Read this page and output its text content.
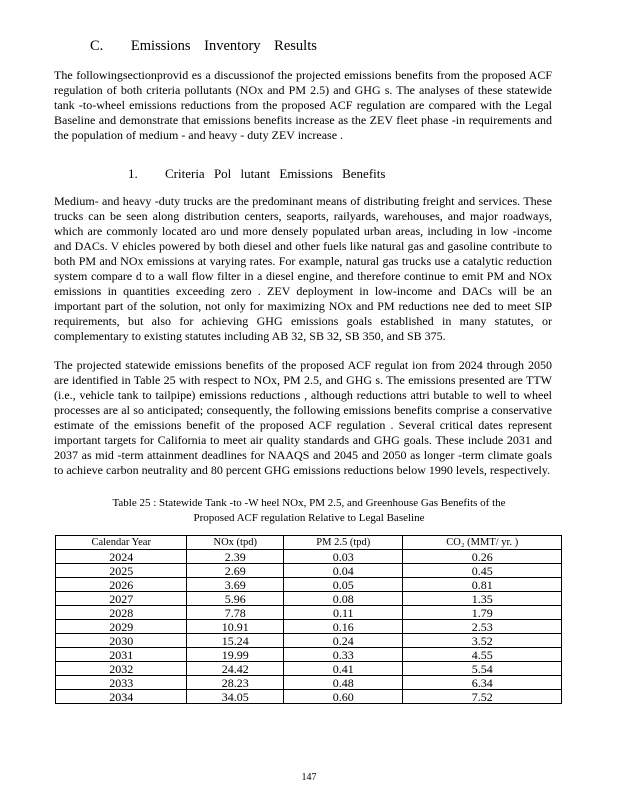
C. Emissions Inventory Results

The followingsectionprovid es a discussionof the projected emissions benefits from the proposed ACF regulation of both criteria pollutants (NOx and PM 2.5) and GHG s. The analyses of these statewide tank -to-wheel emissions reductions from the proposed ACF regulation are compared with the Legal Baseline and demonstrate that emissions benefits increase as the ZEV fleet phase -in requirements and the population of medium - and heavy - duty ZEV increase .

1. Criteria Pol lutant Emissions Benefits

Medium- and heavy -duty trucks are the predominant means of distributing freight and services. These trucks can be seen along distribution centers, seaports, railyards, warehouses, and major roadways, which are commonly located aro und more densely populated urban areas, including in low -income and DACs. V ehicles powered by both diesel and other fuels like natural gas and gasoline contribute to both PM and NOx emissions at varying rates. For example, natural gas trucks use a catalytic reduction system compare d to a wall flow filter in a diesel engine, and therefore continue to emit PM and NOx emissions in quantities exceeding zero . ZEV deployment in low-income and DACs will be an important part of the solution, not only for maximizing NOx and PM reductions nee ded to meet SIP requirements, but also for achieving GHG emissions goals established in many statutes, or complementary to existing statutes including AB 32, SB 32, SB 350, and SB 375.

The projected statewide emissions benefits of the proposed ACF regulat ion from 2024 through 2050 are identified in Table 25 with respect to NOx, PM 2.5, and GHG s. The emissions presented are TTW (i.e., vehicle tank to tailpipe) emissions reductions , although reductions attri butable to well to wheel processes are al so anticipated; consequently, the following emissions benefits comprise a conservative estimate of the emissions benefit of the proposed ACF regulation . Several critical dates represent important targets for California to meet air quality standards and GHG goals. These include 2031 and 2037 as mid -term attainment deadlines for NAAQS and 2045 and 2050 as longer -term climate goals to achieve carbon neutrality and 80 percent GHG emissions reductions below 1990 levels, respectively.

Table 25 : Statewide Tank -to -W heel NOx, PM 2.5, and Greenhouse Gas Benefits of the
Proposed ACF regulation Relative to Legal Baseline
Calendar Year	NOx (tpd)	PM 2.5 (tpd)	CO₂ (MMT/ yr. )
2024	2.39	0.03	0.26
2025	2.69	0.04	0.45
2026	3.69	0.05	0.81
2027	5.96	0.08	1.35
2028	7.78	0.11	1.79
2029	10.91	0.16	2.53
2030	15.24	0.24	3.52
2031	19.99	0.33	4.55
2032	24.42	0.41	5.54
2033	28.23	0.48	6.34
2034	34.05	0.60	7.52
147
